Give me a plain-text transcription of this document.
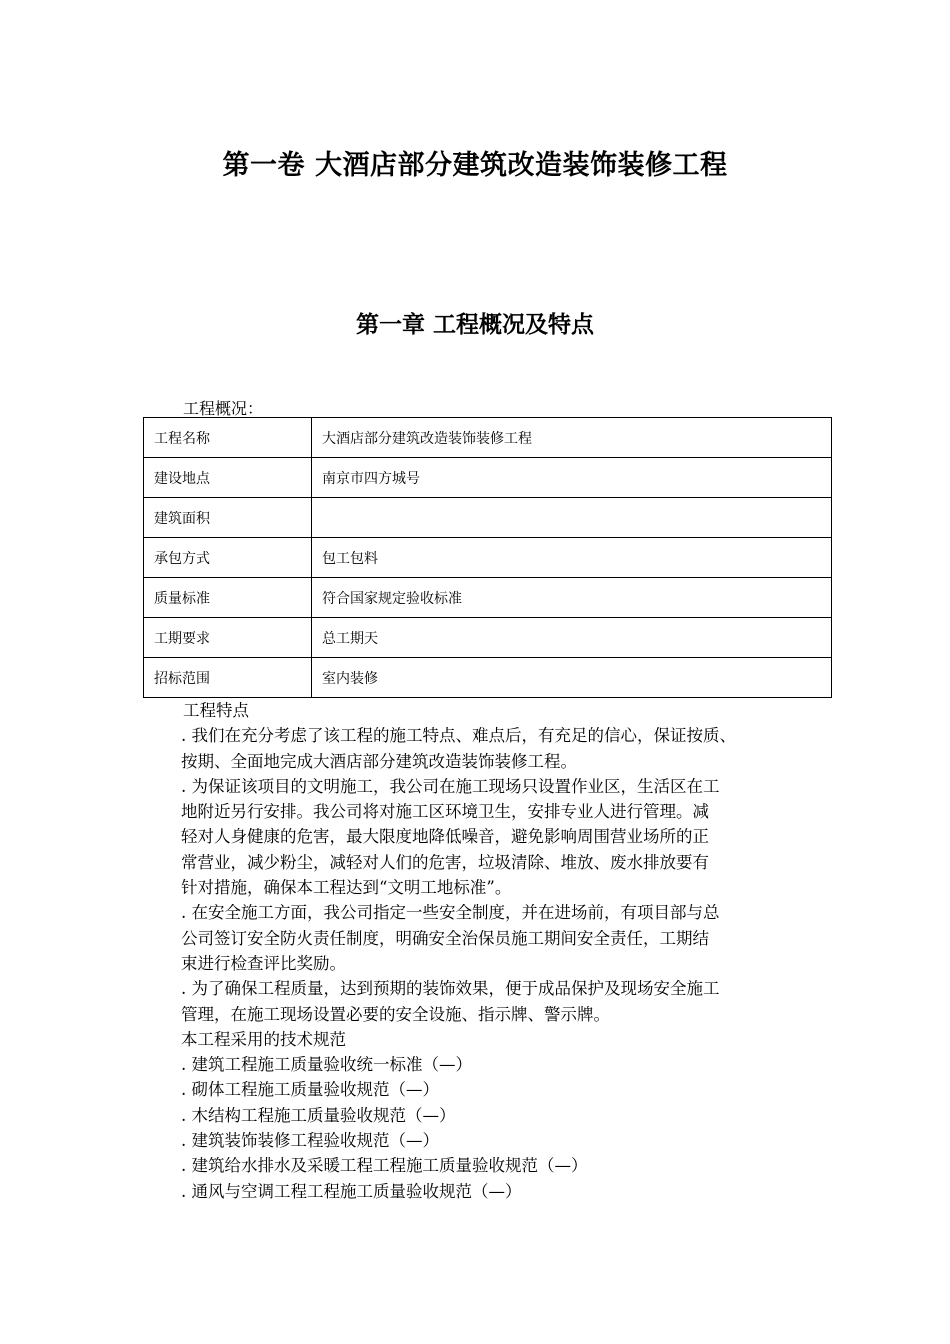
第一卷 大酒店部分建筑改造装饰装修工程
第一章 工程概况及特点
工程概况：
工程名称	大酒店部分建筑改造装饰装修工程
建设地点	南京市四方城号
建筑面积	
承包方式	包工包料
质量标准	符合国家规定验收标准
工期要求	总工期天
招标范围	室内装修

工程特点

. 我们在充分考虑了该工程的施工特点、难点后，有充足的信心，保证按质、

按期、全面地完成大酒店部分建筑改造装饰装修工程。

. 为保证该项目的文明施工，我公司在施工现场只设置作业区，生活区在工

地附近另行安排。我公司将对施工区环境卫生，安排专业人进行管理。减

轻对人身健康的危害，最大限度地降低噪音，避免影响周围营业场所的正

常营业，减少粉尘，减轻对人们的危害，垃圾清除、堆放、废水排放要有

针对措施，确保本工程达到“文明工地标准”。

. 在安全施工方面，我公司指定一些安全制度，并在进场前，有项目部与总

公司签订安全防火责任制度，明确安全治保员施工期间安全责任，工期结

束进行检查评比奖励。

. 为了确保工程质量，达到预期的装饰效果，便于成品保护及现场安全施工

管理，在施工现场设置必要的安全设施、指示牌、警示牌。

本工程采用的技术规范

. 建筑工程施工质量验收统一标准（—）

. 砌体工程施工质量验收规范（—）

. 木结构工程施工质量验收规范（—）

. 建筑装饰装修工程验收规范（—）

. 建筑给水排水及采暖工程工程施工质量验收规范（—）

. 通风与空调工程工程施工质量验收规范（—）
